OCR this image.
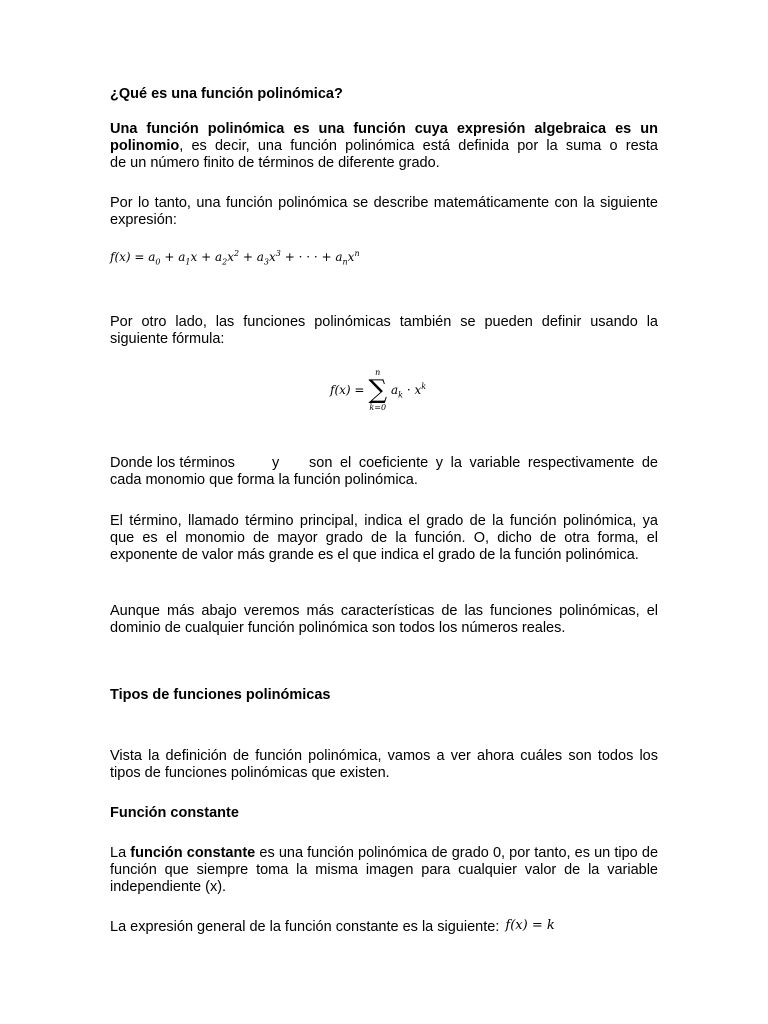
¿Qué es una función polinómica?

Una función polinómica es una función cuya expresión algebraica es un
polinomio, es decir, una función polinómica está definida por la suma o resta
de un número finito de términos de diferente grado.

Por lo tanto, una función polinómica se describe matemáticamente con la siguiente expresión:

$f(x) = a_0 + a_1x + a_2x^2 + a_3x^3$ + · · · + $a_nx^n$

Por otro lado, las funciones polinómicas también se pueden definir usando la siguiente fórmula:

f(x) =
n
∑
k=0
$a_k \cdot x^k$
Donde los términos	y son el coeficiente y la variable respectivamente de
cada monomio que forma la función polinómica.

El término, llamado término principal, indica el grado de la función polinómica, ya que es el monomio de mayor grado de la función. O, dicho de otra forma, el exponente de valor más grande es el que indica el grado de la función polinómica.

Aunque más abajo veremos más características de las funciones polinómicas, el dominio de cualquier función polinómica son todos los números reales.

Tipos de funciones polinómicas

Vista la definición de función polinómica, vamos a ver ahora cuáles son todos los tipos de funciones polinómicas que existen.

Función constante

La función constante es una función polinómica de grado 0, por tanto, es un tipo de función que siempre toma la misma imagen para cualquier valor de la variable independiente (x).

La expresión general de la función constante es la siguiente: f(x) = k
